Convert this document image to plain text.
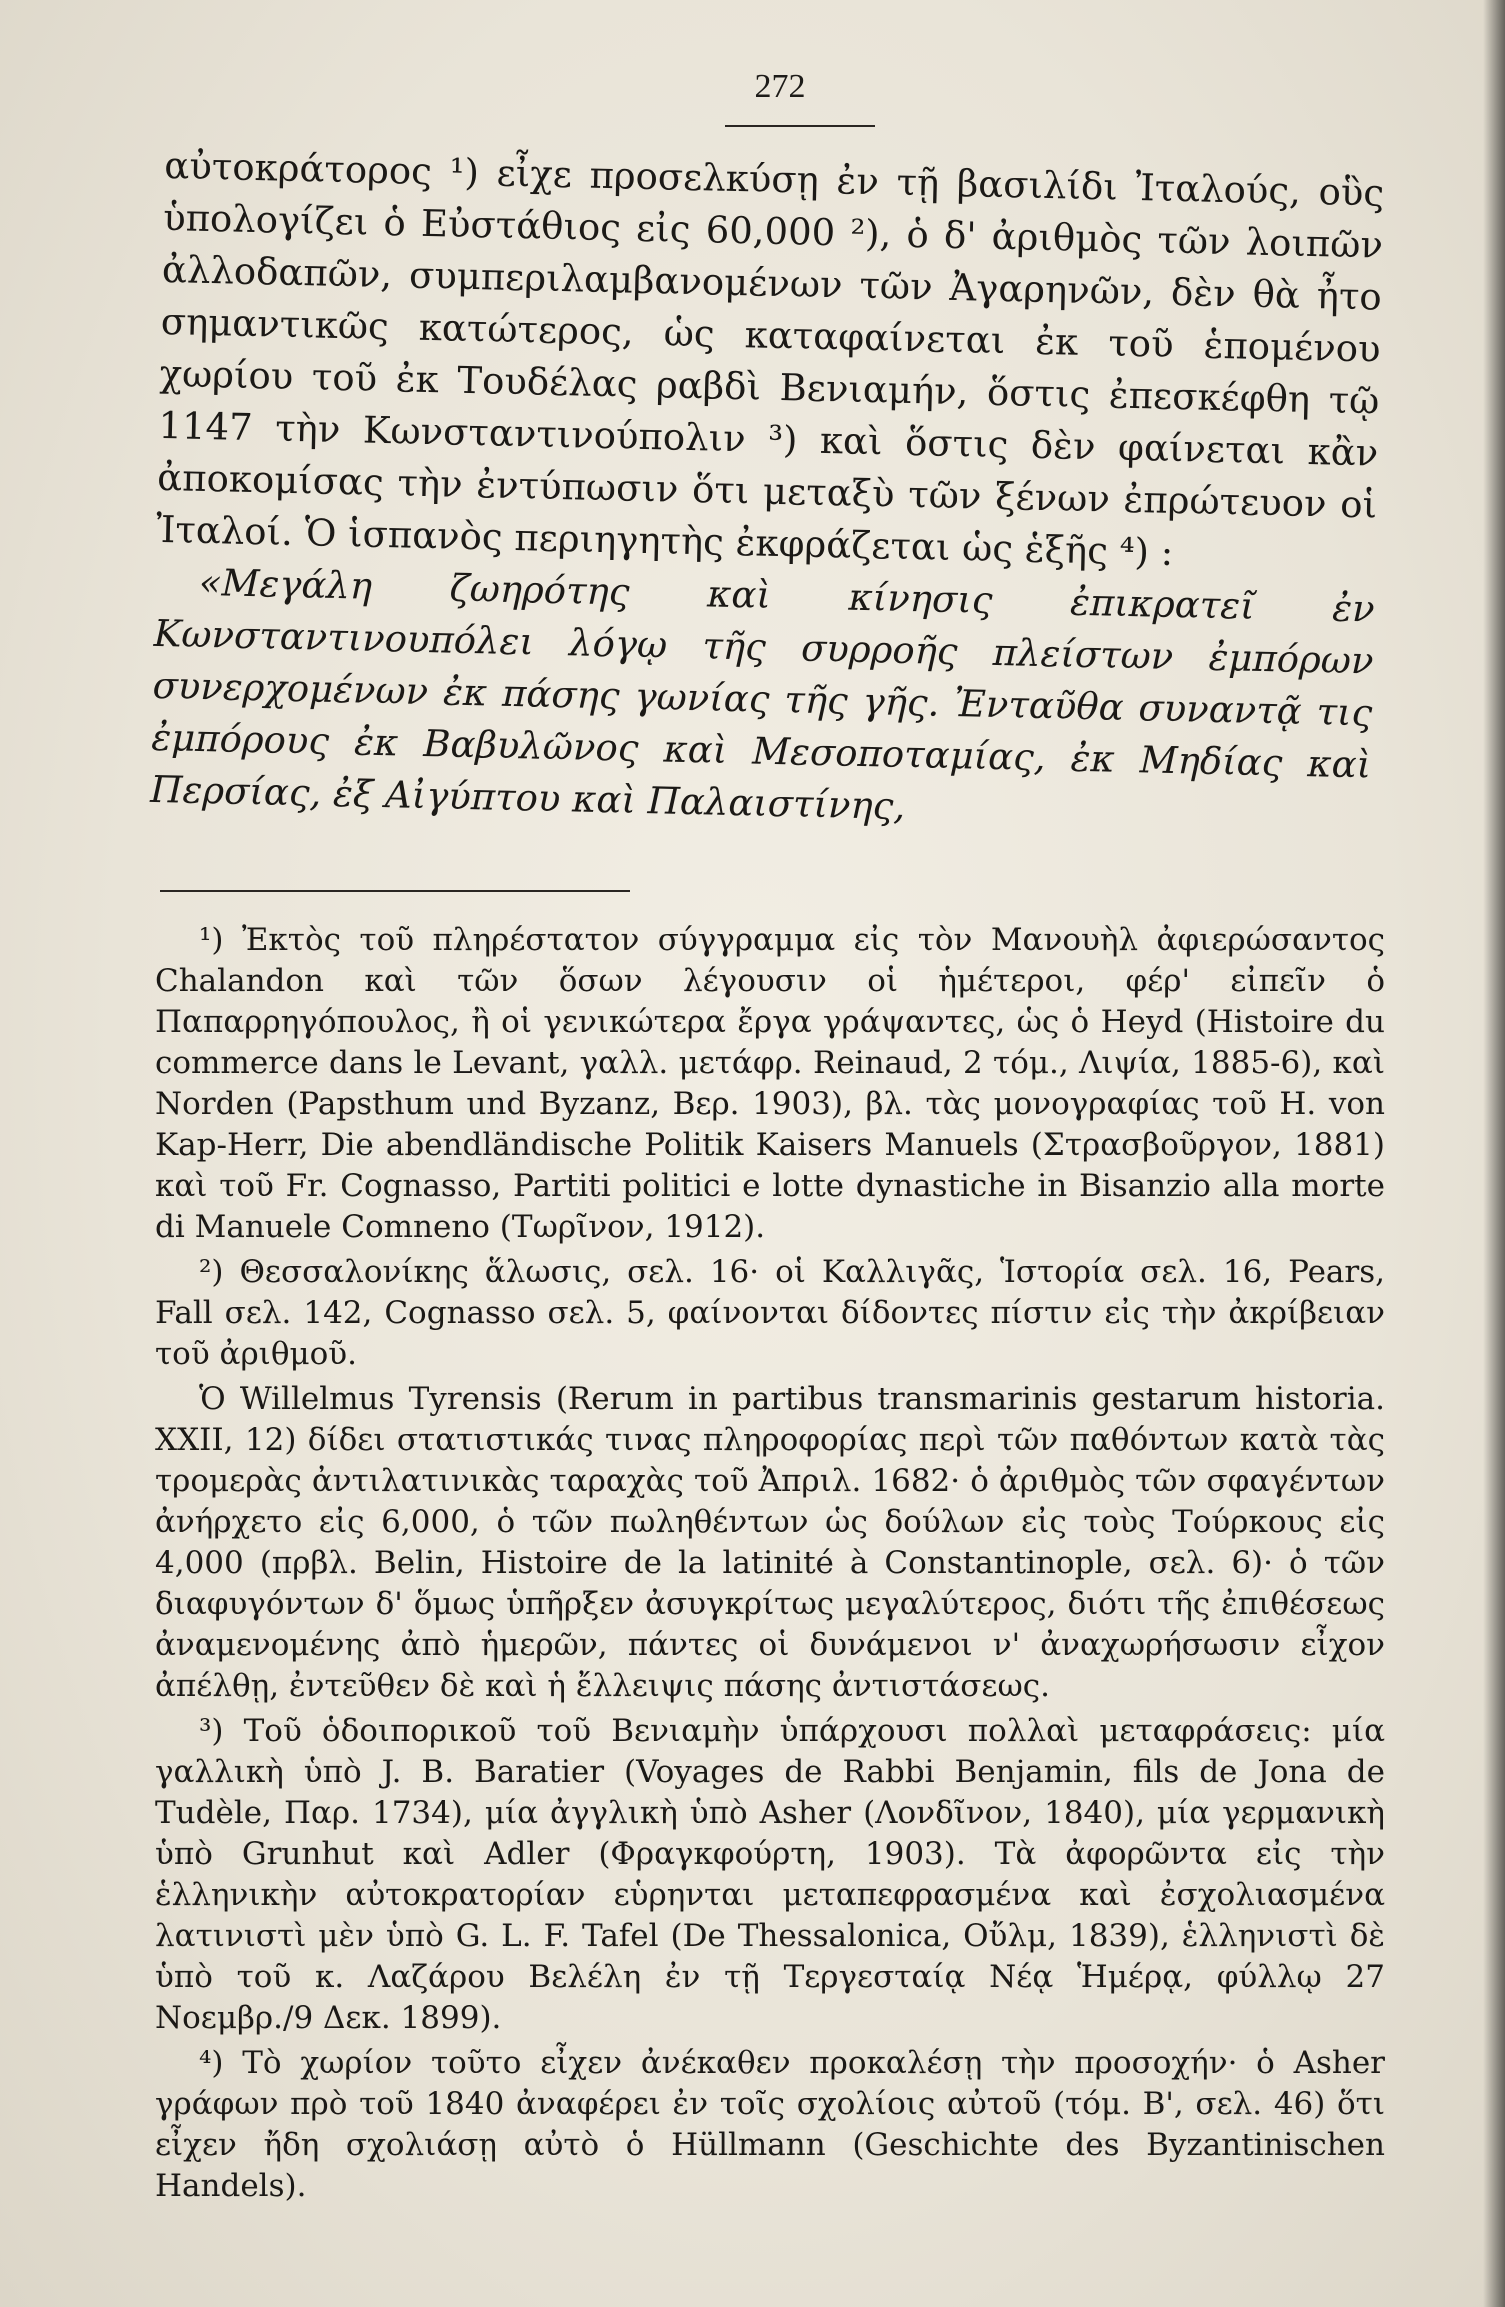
272

αὐτοκράτορος ¹) εἶχε προσελκύσῃ ἐν τῇ βασιλίδι Ἰταλούς, οὓς ὑπολογίζει ὁ Εὐστάθιος εἰς 60,000 ²), ὁ δ' ἀριθμὸς τῶν λοιπῶν ἀλλοδαπῶν, συμπεριλαμβανομένων τῶν Ἀγαρηνῶν, δὲν θὰ ἦτο σημαντικῶς κατώτερος, ὡς καταφαίνεται ἐκ τοῦ ἑπομένου χωρίου τοῦ ἐκ Τουδέλας ραβδὶ Βενιαμήν, ὅστις ἐπεσκέφθη τῷ 1147 τὴν Κωνσταντινούπολιν ³) καὶ ὅστις δὲν φαίνεται κἂν ἀποκομίσας τὴν ἐντύπωσιν ὅτι μεταξὺ τῶν ξένων ἐπρώτευον οἱ Ἰταλοί. Ὁ ἱσπανὸς περιηγητὴς ἐκφράζεται ὡς ἑξῆς ⁴) :

«Μεγάλη ζωηρότης καὶ κίνησις ἐπικρατεῖ ἐν Κωνσταντινουπόλει λόγῳ τῆς συρροῆς πλείστων ἐμπόρων συνερχομένων ἐκ πάσης γωνίας τῆς γῆς. Ἐνταῦθα συναντᾷ τις ἐμπόρους ἐκ Βαβυλῶνος καὶ Μεσοποταμίας, ἐκ Μηδίας καὶ Περσίας, ἐξ Αἰγύπτου καὶ Παλαιστίνης,

¹) Ἐκτὸς τοῦ πληρέστατον σύγγραμμα εἰς τὸν Μανουὴλ ἀφιερώσαντος Chalandon καὶ τῶν ὅσων λέγουσιν οἱ ἡμέτεροι, φέρ' εἰπεῖν ὁ Παπαρρηγόπουλος, ἢ οἱ γενικώτερα ἔργα γράψαντες, ὡς ὁ Heyd (Histoire du commerce dans le Levant, γαλλ. μετάφρ. Reinaud, 2 τόμ., Λιψία, 1885-6), καὶ Norden (Papsthum und Byzanz, Βερ. 1903), βλ. τὰς μονογραφίας τοῦ H. von Kap-Herr, Die abendländische Politik Kaisers Manuels (Στρασβοῦργον, 1881) καὶ τοῦ Fr. Cognasso, Partiti politici e lotte dynastiche in Bisanzio alla morte di Manuele Comneno (Τωρῖνον, 1912).

²) Θεσσαλονίκης ἅλωσις, σελ. 16· οἱ Καλλιγᾶς, Ἱστορία σελ. 16, Pears, Fall σελ. 142, Cognasso σελ. 5, φαίνονται δίδοντες πίστιν εἰς τὴν ἀκρίβειαν τοῦ ἀριθμοῦ.

Ὁ Willelmus Tyrensis (Rerum in partibus transmarinis gestarum historia. XXII, 12) δίδει στατιστικάς τινας πληροφορίας περὶ τῶν παθόντων κατὰ τὰς τρομερὰς ἀντιλατινικὰς ταραχὰς τοῦ Ἀπριλ. 1682· ὁ ἀριθμὸς τῶν σφαγέντων ἀνήρχετο εἰς 6,000, ὁ τῶν πωληθέντων ὡς δούλων εἰς τοὺς Τούρκους εἰς 4,000 (πρβλ. Belin, Histoire de la latinité à Constantinople, σελ. 6)· ὁ τῶν διαφυγόντων δ' ὅμως ὑπῆρξεν ἀσυγκρίτως μεγαλύτερος, διότι τῆς ἐπιθέσεως ἀναμενομένης ἀπὸ ἡμερῶν, πάντες οἱ δυνάμενοι ν' ἀναχωρήσωσιν εἶχον ἀπέλθῃ, ἐντεῦθεν δὲ καὶ ἡ ἔλλειψις πάσης ἀντιστάσεως.

³) Τοῦ ὁδοιπορικοῦ τοῦ Βενιαμὴν ὑπάρχουσι πολλαὶ μεταφράσεις: μία γαλλικὴ ὑπὸ J. B. Baratier (Voyages de Rabbi Benjamin, fils de Jona de Tudèle, Παρ. 1734), μία ἀγγλικὴ ὑπὸ Asher (Λονδῖνον, 1840), μία γερμανικὴ ὑπὸ Grunhut καὶ Adler (Φραγκφούρτη, 1903). Τὰ ἀφορῶντα εἰς τὴν ἑλληνικὴν αὐτοκρατορίαν εὑρηνται μεταπεφρασμένα καὶ ἐσχολιασμένα λατινιστὶ μὲν ὑπὸ G. L. F. Tafel (De Thessalonica, Οὔλμ, 1839), ἑλληνιστὶ δὲ ὑπὸ τοῦ κ. Λαζάρου Βελέλη ἐν τῇ Τεργεσταίᾳ Νέᾳ Ἡμέρᾳ, φύλλῳ 27 Νοεμβρ./9 Δεκ. 1899).

⁴) Τὸ χωρίον τοῦτο εἶχεν ἀνέκαθεν προκαλέσῃ τὴν προσοχήν· ὁ Asher γράφων πρὸ τοῦ 1840 ἀναφέρει ἐν τοῖς σχολίοις αὐτοῦ (τόμ. Β', σελ. 46) ὅτι εἶχεν ἤδη σχολιάσῃ αὐτὸ ὁ Hüllmann (Geschichte des Byzantinischen Handels).
